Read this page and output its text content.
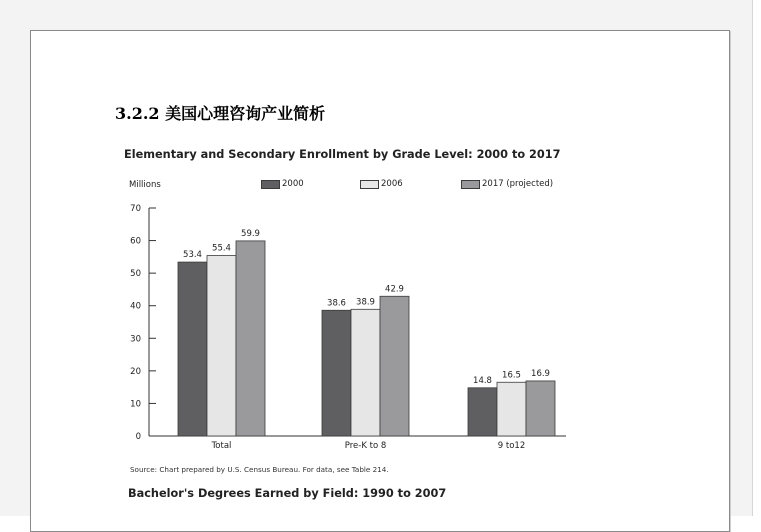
3.2.2 美国心理咨询产业简析
Elementary and Secondary Enrollment by Grade Level: 2000 to 2017
Millions	2000	2006	2017 (projected)
0
10
20
30
40
50
60
70
53.4
55.4
59.9
Total
38.6 38.9
42.9
Pre-K to 8
14.8
16.5 16.9
9 to12
Source: Chart prepared by U.S. Census Bureau. For data, see Table 214.
Bachelor's Degrees Earned by Field: 1990 to 2007
